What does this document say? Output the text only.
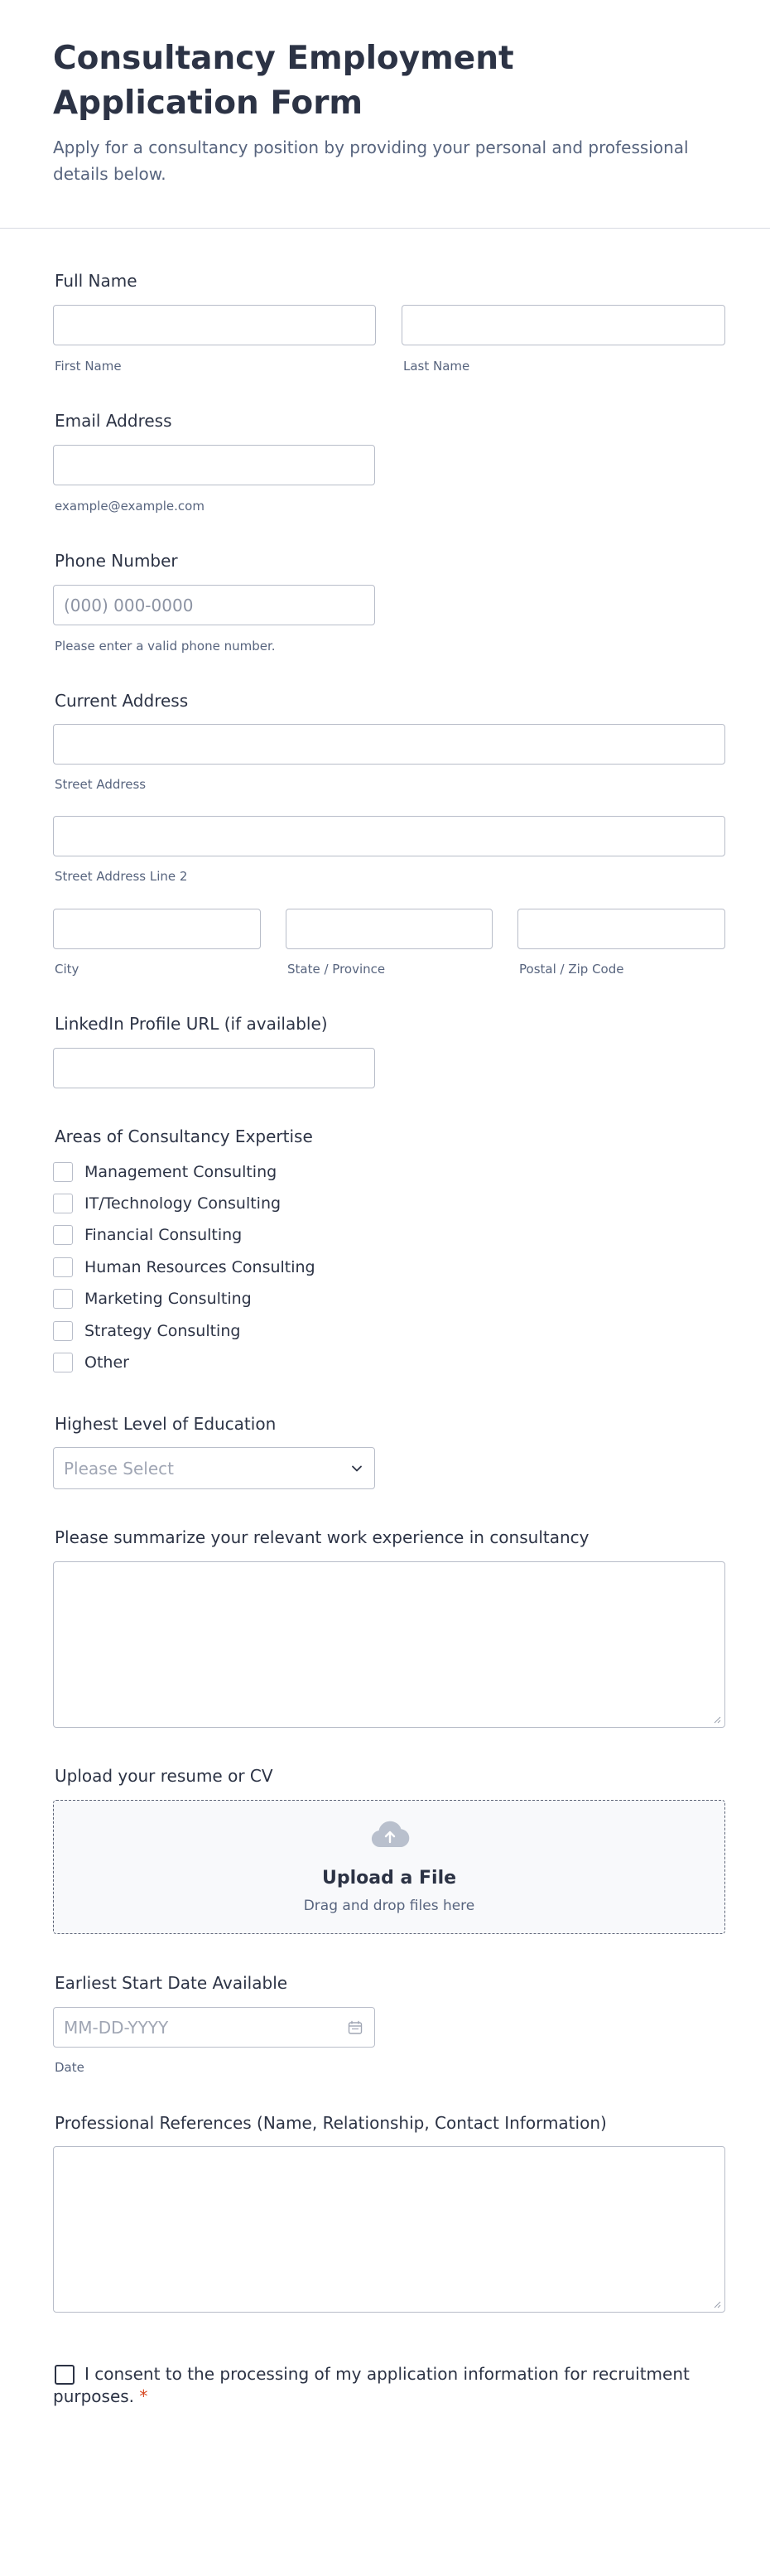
Consultancy Employment Application Form

Apply for a consultancy position by providing your personal and professional details below.

Full Name
First Name	Last Name
Email Address
example@example.com
Phone Number
(000) 000-0000
Please enter a valid phone number.
Current Address
Street Address
Street Address Line 2
City	State / Province	Postal / Zip Code
LinkedIn Profile URL (if available)
Areas of Consultancy Expertise
Management Consulting
IT/Technology Consulting
Financial Consulting
Human Resources Consulting
Marketing Consulting
Strategy Consulting
Other
Highest Level of Education
Please Select
Please summarize your relevant work experience in consultancy
Upload your resume or CV
Upload a File
Drag and drop files here
Earliest Start Date Available
MM-DD-YYYY
Date
Professional References (Name, Relationship, Contact Information)

I consent to the processing of my application information for recruitment purposes. *
